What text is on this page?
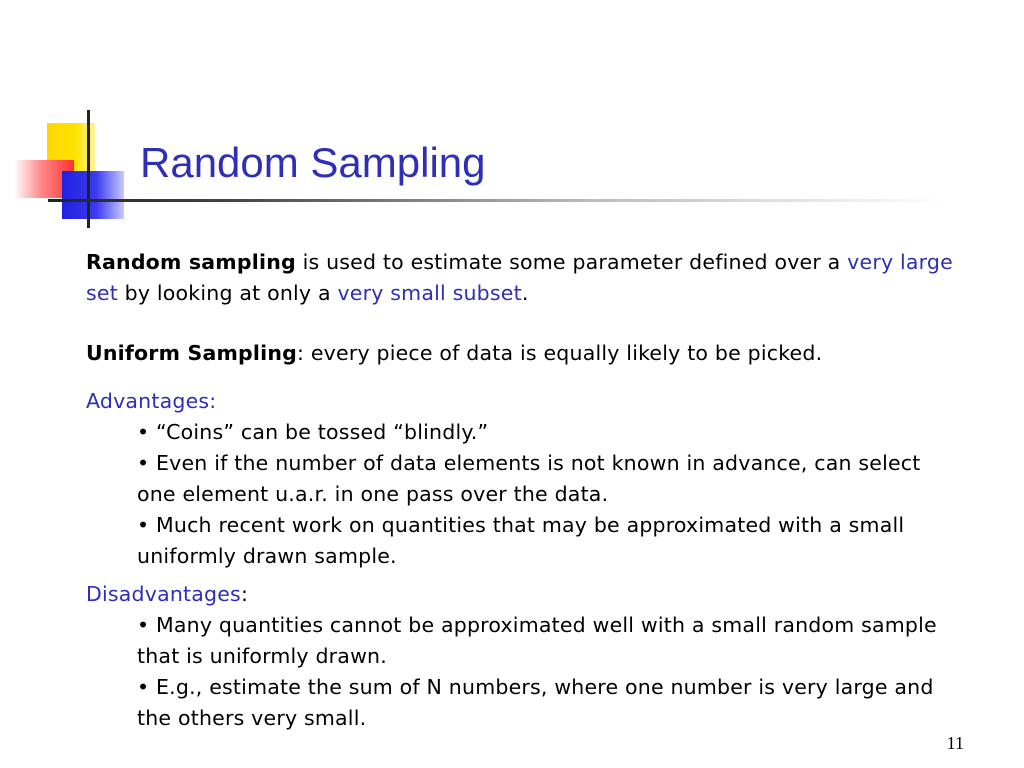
Random Sampling
Random sampling is used to estimate some parameter defined over a very large set by looking at only a very small subset.
Uniform Sampling: every piece of data is equally likely to be picked.
Advantages:
• “Coins” can be tossed “blindly.”
• Even if the number of data elements is not known in advance, can select one element u.a.r. in one pass over the data.
• Much recent work on quantities that may be approximated with a small uniformly drawn sample.
Disadvantages:
• Many quantities cannot be approximated well with a small random sample that is uniformly drawn.
• E.g., estimate the sum of N numbers, where one number is very large and the others very small.
11
